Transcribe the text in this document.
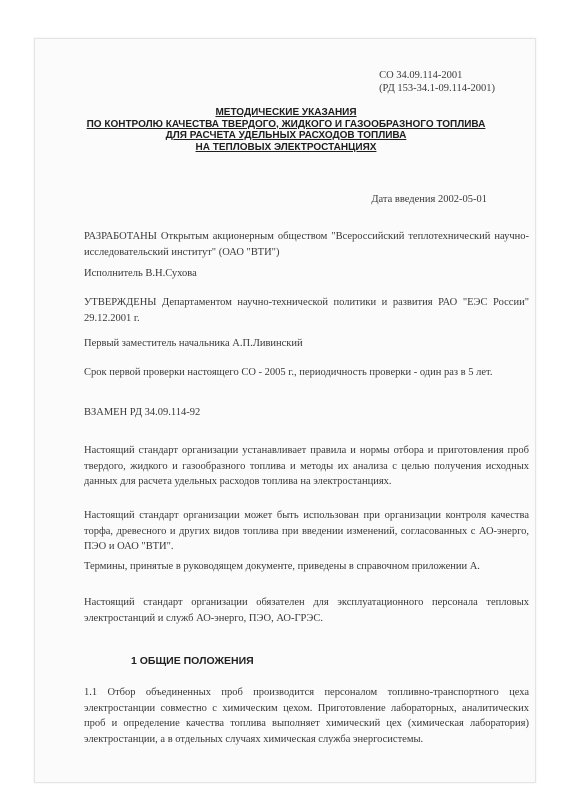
СО 34.09.114-2001
(РД 153-34.1-09.114-2001)
МЕТОДИЧЕСКИЕ УКАЗАНИЯ
ПО КОНТРОЛЮ КАЧЕСТВА ТВЕРДОГО, ЖИДКОГО И ГАЗООБРАЗНОГО ТОПЛИВА
ДЛЯ РАСЧЕТА УДЕЛЬНЫХ РАСХОДОВ ТОПЛИВА
НА ТЕПЛОВЫХ ЭЛЕКТРОСТАНЦИЯХ
Дата введения 2002-05-01
РАЗРАБОТАНЫ Открытым акционерным обществом "Всероссийский теплотехнический научно-исследовательский институт" (ОАО "ВТИ")
Исполнитель В.Н.Сухова
УТВЕРЖДЕНЫ Департаментом научно-технической политики и развития РАО "ЕЭС России" 29.12.2001 г.
Первый заместитель начальника А.П.Ливинский
Срок первой проверки настоящего СО - 2005 г., периодичность проверки - один раз в 5 лет.
ВЗАМЕН РД 34.09.114-92
Настоящий стандарт организации устанавливает правила и нормы отбора и приготовления проб твердого, жидкого и газообразного топлива и методы их анализа с целью получения исходных данных для расчета удельных расходов топлива на электростанциях.
Настоящий стандарт организации может быть использован при организации контроля качества торфа, древесного и других видов топлива при введении изменений, согласованных с АО-энерго, ПЭО и ОАО "ВТИ".
Термины, принятые в руководящем документе, приведены в справочном приложении А.
Настоящий стандарт организации обязателен для эксплуатационного персонала тепловых электростанций и служб АО-энерго, ПЭО, АО-ГРЭС.
1 ОБЩИЕ ПОЛОЖЕНИЯ
1.1 Отбор объединенных проб производится персоналом топливно-транспортного цеха электростанции совместно с химическим цехом. Приготовление лабораторных, аналитических проб и определение качества топлива выполняет химический цех (химическая лаборатория) электростанции, а в отдельных случаях химическая служба энергосистемы.
